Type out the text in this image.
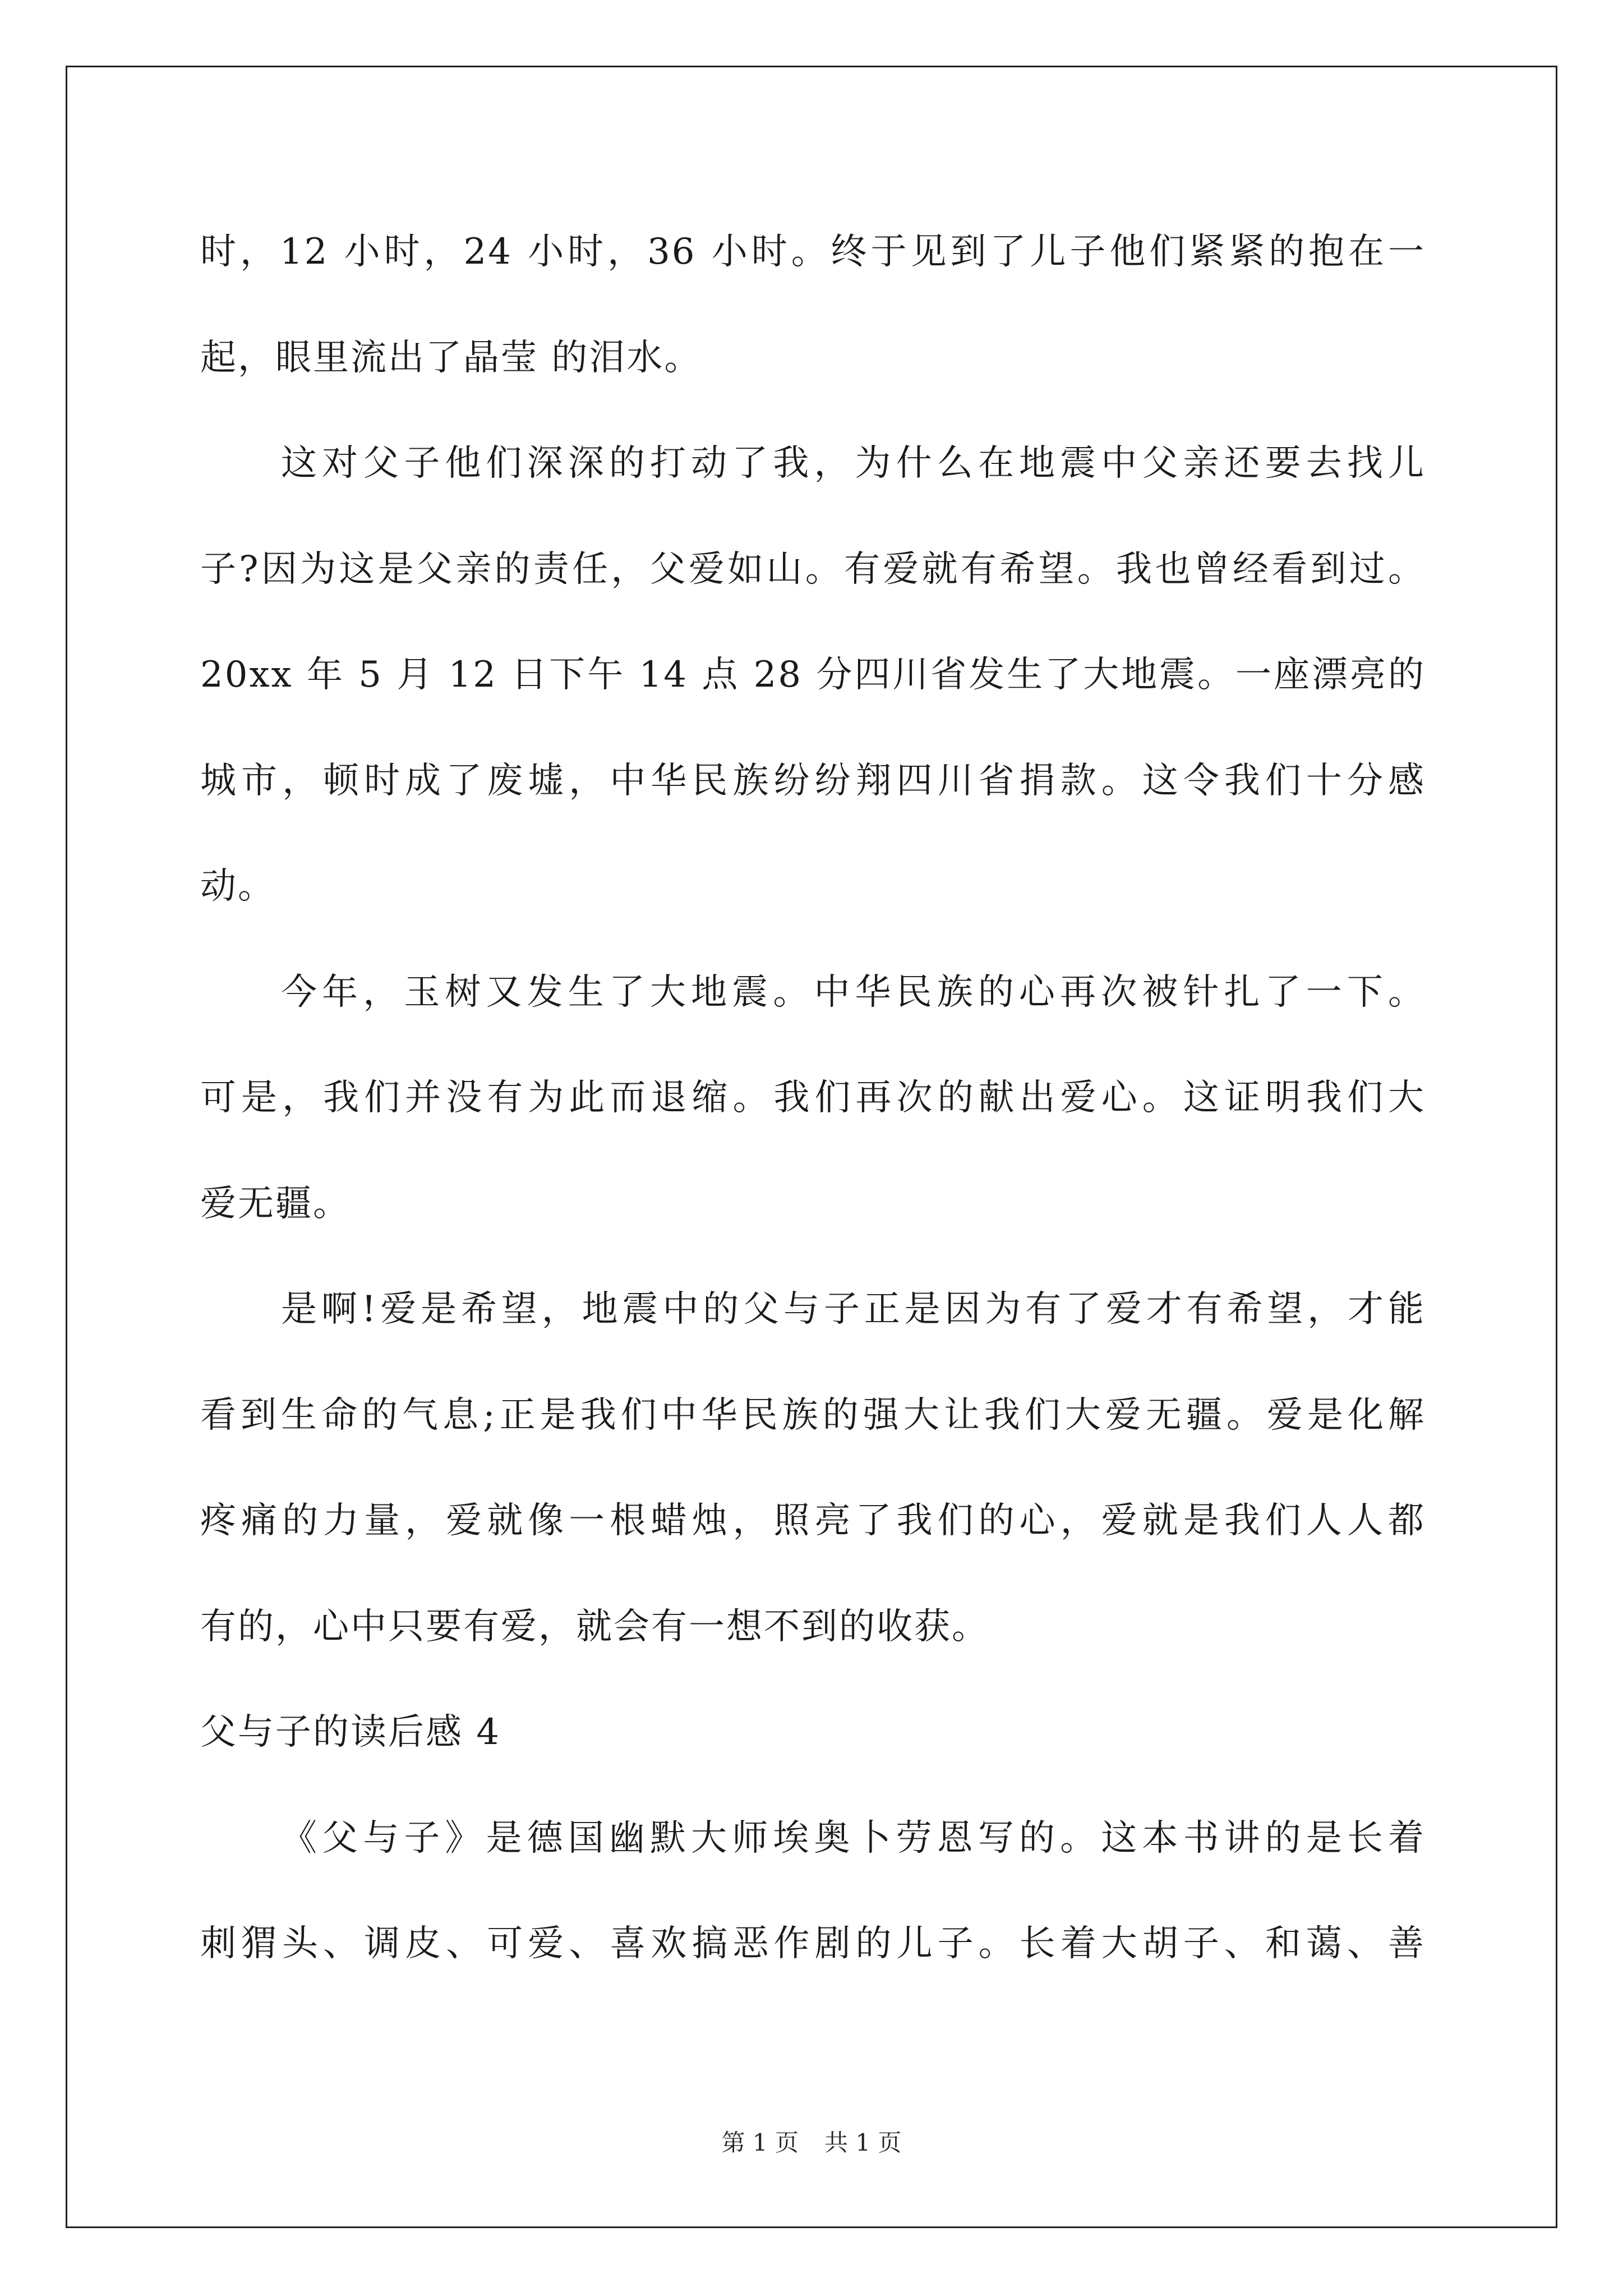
时，12 小时，24 小时，36 小时。终于见到了儿子他们紧紧的抱在一
起，眼里流出了晶莹 的泪水。
这对父子他们深深的打动了我，为什么在地震中父亲还要去找儿
子?因为这是父亲的责任，父爱如山。有爱就有希望。我也曾经看到过。
20xx 年 5 月 12 日下午 14 点 28 分四川省发生了大地震。一座漂亮的
城市，顿时成了废墟，中华民族纷纷翔四川省捐款。这令我们十分感
动。
今年，玉树又发生了大地震。中华民族的心再次被针扎了一下。
可是，我们并没有为此而退缩。我们再次的献出爱心。这证明我们大
爱无疆。
是啊!爱是希望，地震中的父与子正是因为有了爱才有希望，才能
看到生命的气息;正是我们中华民族的强大让我们大爱无疆。爱是化解
疼痛的力量，爱就像一根蜡烛，照亮了我们的心，爱就是我们人人都
有的，心中只要有爱，就会有一想不到的收获。
父与子的读后感 4
《父与子》是德国幽默大师埃奥卜劳恩写的。这本书讲的是长着
刺猬头、调皮、可爱、喜欢搞恶作剧的儿子。长着大胡子、和蔼、善
第 1 页 共 1 页
